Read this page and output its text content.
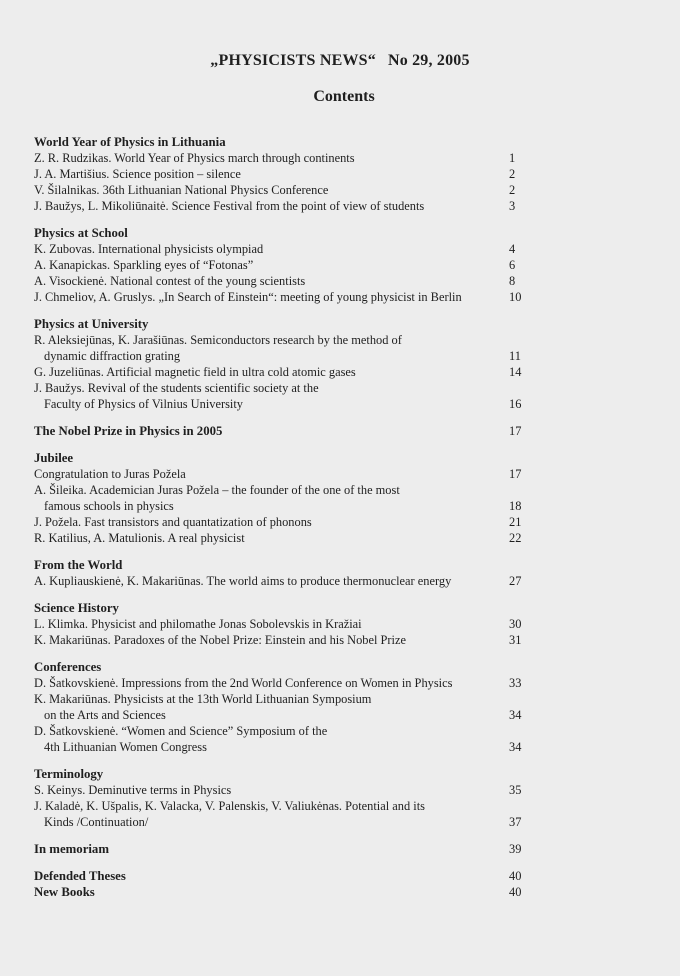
„PHYSICISTS NEWS“ No 29, 2005
Contents
World Year of Physics in Lithuania
Z. R. Rudzikas. World Year of Physics march through continents	1
J. A. Martišius. Science position – silence	2
V. Šilalnikas. 36th Lithuanian National Physics Conference	2
J. Baužys, L. Mikoliūnaitė. Science Festival from the point of view of students	3
Physics at School
K. Zubovas. International physicists olympiad	4
A. Kanapickas. Sparkling eyes of “Fotonas”	6
A. Visockienė. National contest of the young scientists	8
J. Chmeliov, A. Gruslys. „In Search of Einstein“: meeting of young physicist in Berlin	10
Physics at University
R. Aleksiejūnas, K. Jarašiūnas. Semiconductors research by the method of
dynamic diffraction grating	11
G. Juzeliūnas. Artificial magnetic field in ultra cold atomic gases	14
J. Baužys. Revival of the students scientific society at the
Faculty of Physics of Vilnius University	16
The Nobel Prize in Physics in 2005	17
Jubilee
Congratulation to Juras Požela	17
A. Šileika. Academician Juras Požela – the founder of the one of the most
famous schools in physics	18
J. Požela. Fast transistors and quantatization of phonons	21
R. Katilius, A. Matulionis. A real physicist	22
From the World
A. Kupliauskienė, K. Makariūnas. The world aims to produce thermonuclear energy	27
Science History
L. Klimka. Physicist and philomathe Jonas Sobolevskis in Kražiai	30
K. Makariūnas. Paradoxes of the Nobel Prize: Einstein and his Nobel Prize	31
Conferences
D. Šatkovskienė. Impressions from the 2nd World Conference on Women in Physics	33
K. Makariūnas. Physicists at the 13th World Lithuanian Symposium
on the Arts and Sciences	34
D. Šatkovskienė. “Women and Science” Symposium of the
4th Lithuanian Women Congress	34
Terminology
S. Keinys. Deminutive terms in Physics	35
J. Kaladė, K. Ušpalis, K. Valacka, V. Palenskis, V. Valiukėnas. Potential and its
Kinds /Continuation/	37
In memoriam	39
Defended Theses	40
New Books	40
